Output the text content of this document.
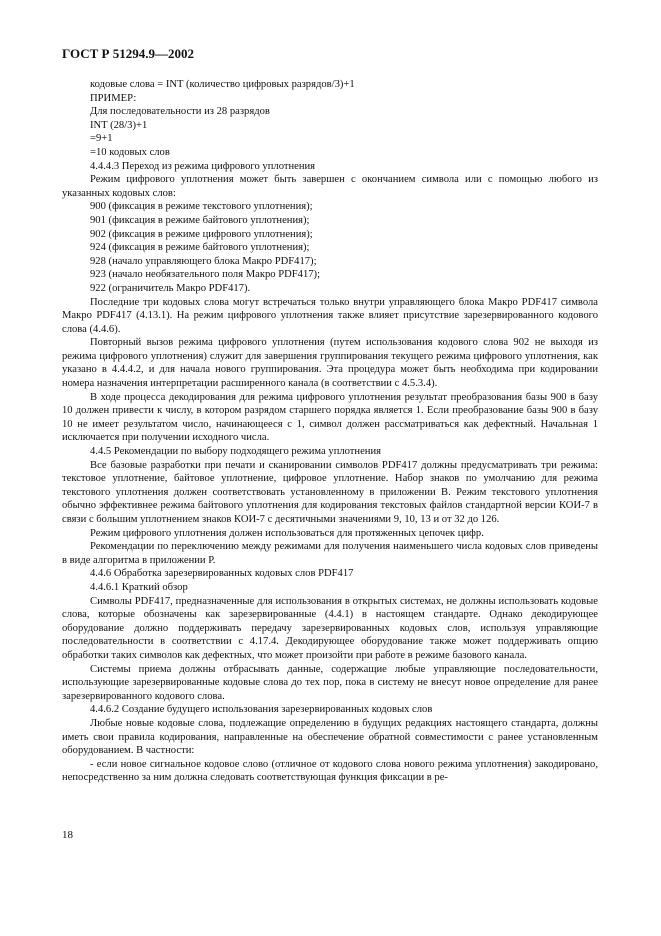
ГОСТ Р 51294.9—2002

кодовые слова = INT (количество цифровых разрядов/3)+1

ПРИМЕР:

Для последовательности из 28 разрядов

INT (28/3)+1

=9+1

=10 кодовых слов

4.4.4.3 Переход из режима цифрового уплотнения

Режим цифрового уплотнения может быть завершен с окончанием символа или с помощью любого из указанных кодовых слов:

900 (фиксация в режиме текстового уплотнения);

901 (фиксация в режиме байтового уплотнения);

902 (фиксация в режиме цифрового уплотнения);

924 (фиксация в режиме байтового уплотнения);

928 (начало управляющего блока Макро PDF417);

923 (начало необязательного поля Макро PDF417);

922 (ограничитель Макро PDF417).

Последние три кодовых слова могут встречаться только внутри управляющего блока Макро PDF417 символа Макро PDF417 (4.13.1). На режим цифрового уплотнения также влияет присутствие зарезервированного кодового слова (4.4.6).

Повторный вызов режима цифрового уплотнения (путем использования кодового слова 902 не выходя из режима цифрового уплотнения) служит для завершения группирования текущего режима цифрового уплотнения, как указано в 4.4.4.2, и для начала нового группирования. Эта процедура может быть необходима при кодировании номера назначения интерпретации расширенного канала (в соответствии с 4.5.3.4).

В ходе процесса декодирования для режима цифрового уплотнения результат преобразования базы 900 в базу 10 должен привести к числу, в котором разрядом старшего порядка является 1. Если преобразование базы 900 в базу 10 не имеет результатом число, начинающееся с 1, символ должен рассматриваться как дефектный. Начальная 1 исключается при получении исходного числа.

4.4.5 Рекомендации по выбору подходящего режима уплотнения

Все базовые разработки при печати и сканировании символов PDF417 должны предусматривать три режима: текстовое уплотнение, байтовое уплотнение, цифровое уплотнение. Набор знаков по умолчанию для режима текстового уплотнения должен соответствовать установленному в приложении В. Режим текстового уплотнения обычно эффективнее режима байтового уплотнения для кодирования текстовых файлов стандартной версии КОИ-7 в связи с большим уплотнением знаков КОИ-7 с десятичными значениями 9, 10, 13 и от 32 до 126.

Режим цифрового уплотнения должен использоваться для протяженных цепочек цифр.

Рекомендации по переключению между режимами для получения наименьшего числа кодовых слов приведены в виде алгоритма в приложении Р.

4.4.6 Обработка зарезервированных кодовых слов PDF417

4.4.6.1 Краткий обзор

Символы PDF417, предназначенные для использования в открытых системах, не должны использовать кодовые слова, которые обозначены как зарезервированные (4.4.1) в настоящем стандарте. Однако декодирующее оборудование должно поддерживать передачу зарезервированных кодовых слов, используя управляющие последовательности в соответствии с 4.17.4. Декодирующее оборудование также может поддерживать опцию обработки таких символов как дефектных, что может произойти при работе в режиме базового канала.

Системы приема должны отбрасывать данные, содержащие любые управляющие последовательности, использующие зарезервированные кодовые слова до тех пор, пока в систему не внесут новое определение для ранее зарезервированного кодового слова.

4.4.6.2 Создание будущего использования зарезервированных кодовых слов

Любые новые кодовые слова, подлежащие определению в будущих редакциях настоящего стандарта, должны иметь свои правила кодирования, направленные на обеспечение обратной совместимости с ранее установленным оборудованием. В частности:

- если новое сигнальное кодовое слово (отличное от кодового слова нового режима уплотнения) закодировано, непосредственно за ним должна следовать соответствующая функция фиксации в ре-

18
